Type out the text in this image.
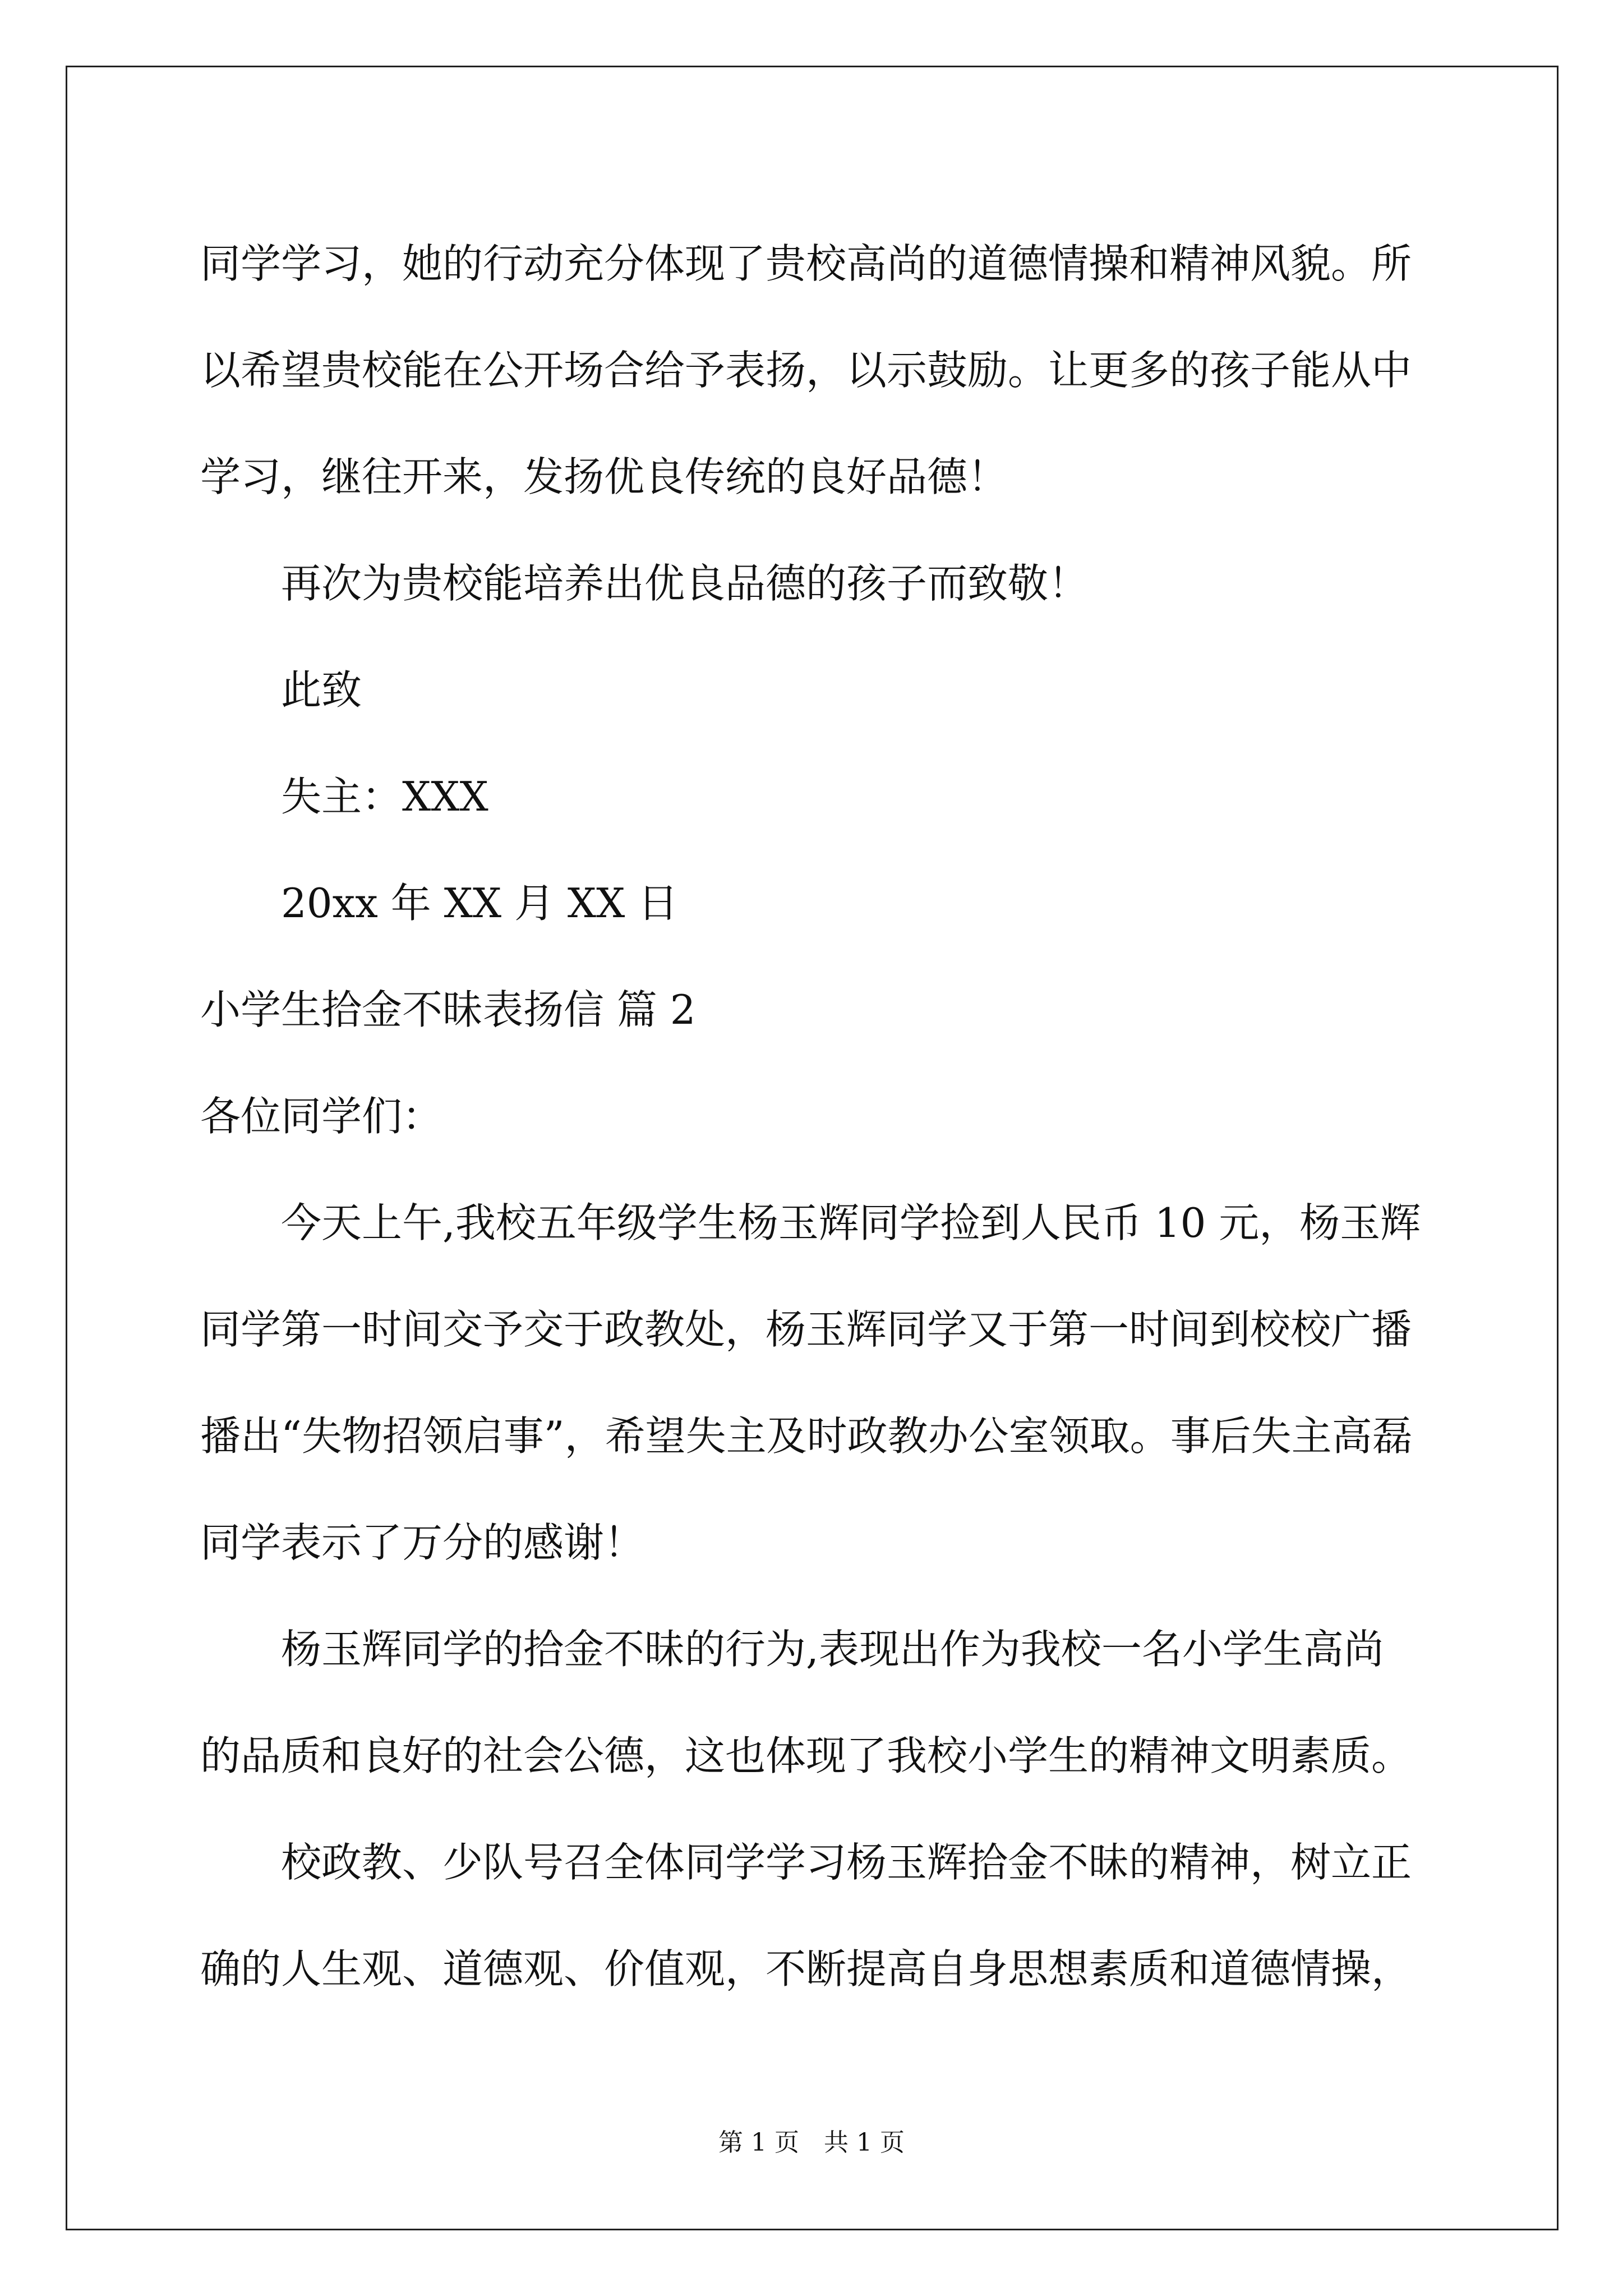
同学学习，她的行动充分体现了贵校高尚的道德情操和精神风貌。所

以希望贵校能在公开场合给予表扬，以示鼓励。让更多的孩子能从中

学习，继往开来，发扬优良传统的良好品德！

再次为贵校能培养出优良品德的孩子而致敬！

此致

失主：XXX

20xx 年 XX 月 XX 日

小学生拾金不昧表扬信 篇 2

各位同学们：

今天上午,我校五年级学生杨玉辉同学捡到人民币 10 元，杨玉辉

同学第一时间交予交于政教处，杨玉辉同学又于第一时间到校校广播

播出“失物招领启事”，希望失主及时政教办公室领取。事后失主高磊

同学表示了万分的感谢！

杨玉辉同学的拾金不昧的行为,表现出作为我校一名小学生高尚

的品质和良好的社会公德，这也体现了我校小学生的精神文明素质。

校政教、少队号召全体同学学习杨玉辉拾金不昧的精神，树立正

确的人生观、道德观、价值观，不断提高自身思想素质和道德情操，

第 1 页　共 1 页
